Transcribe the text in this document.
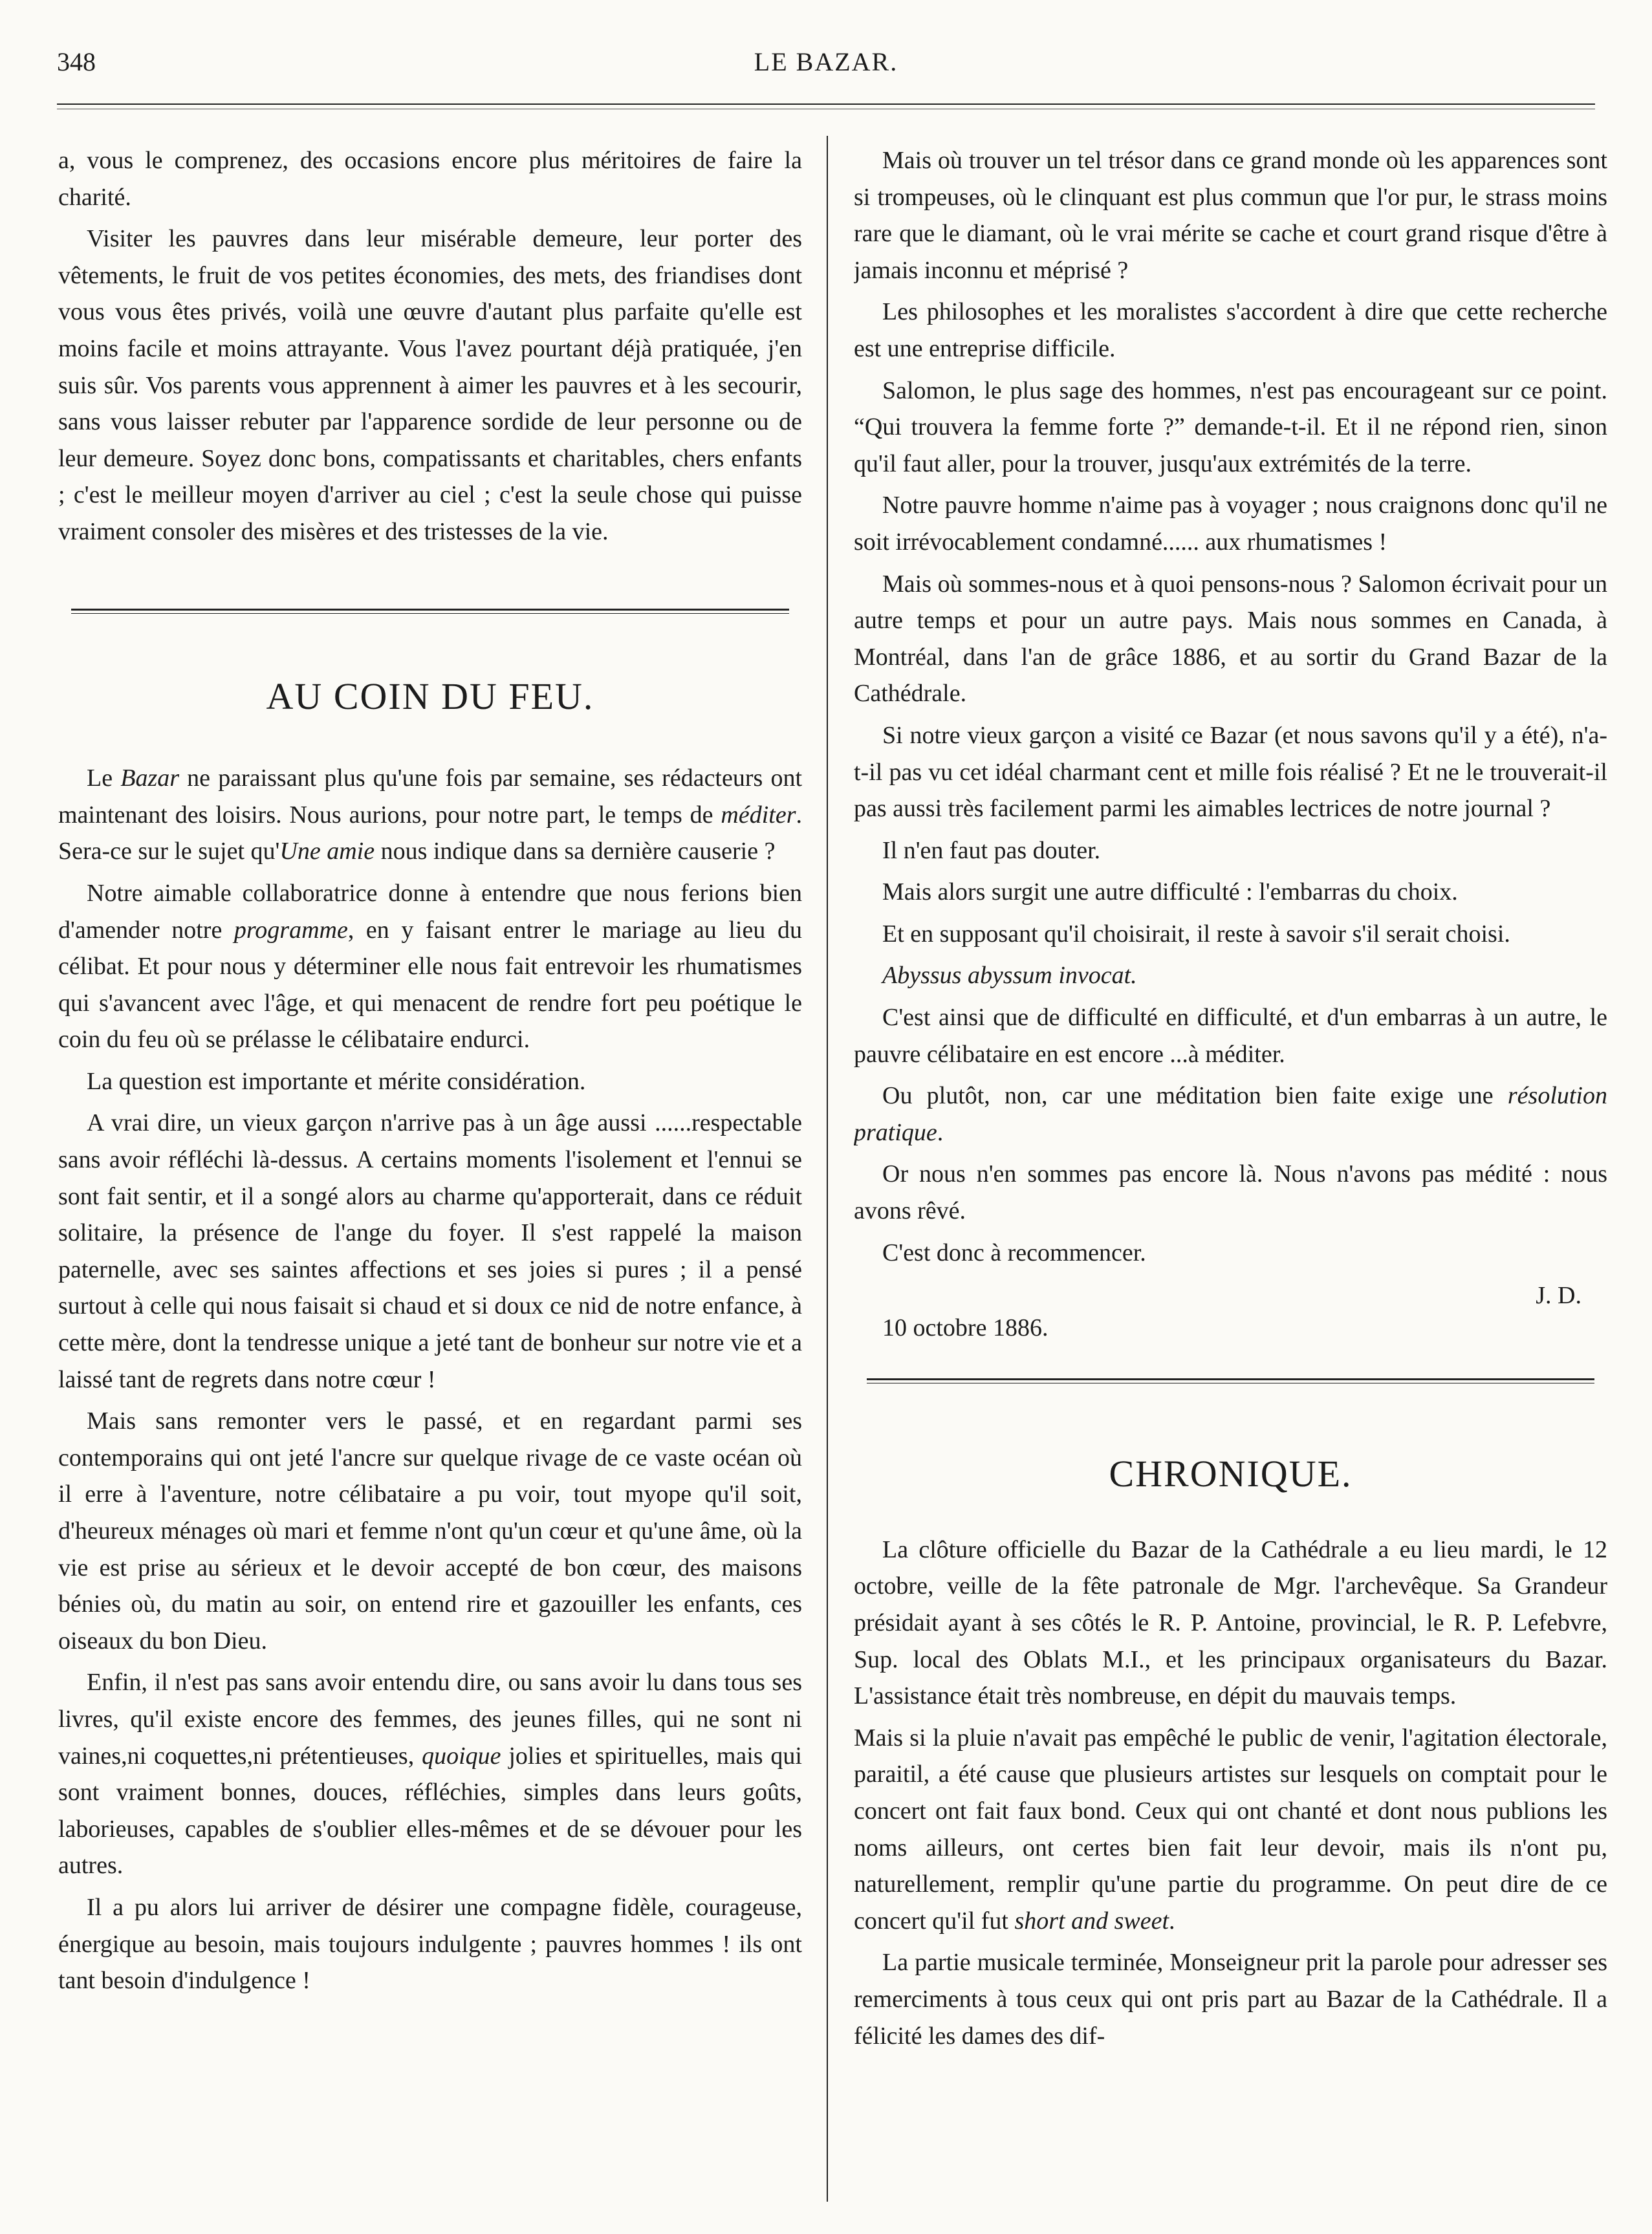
348	LE BAZAR.

a, vous le comprenez, des occasions encore plus méritoires de faire la charité.

Visiter les pauvres dans leur misérable demeure, leur porter des vêtements, le fruit de vos petites économies, des mets, des friandises dont vous vous êtes privés, voilà une œuvre d'autant plus parfaite qu'elle est moins facile et moins attrayante. Vous l'avez pourtant déjà pratiquée, j'en suis sûr. Vos parents vous apprennent à aimer les pauvres et à les secourir, sans vous laisser rebuter par l'apparence sordide de leur personne ou de leur demeure. Soyez donc bons, compatissants et charitables, chers enfants ; c'est le meilleur moyen d'arriver au ciel ; c'est la seule chose qui puisse vraiment consoler des misères et des tristesses de la vie.

AU COIN DU FEU.

Le Bazar ne paraissant plus qu'une fois par semaine, ses rédacteurs ont maintenant des loisirs. Nous aurions, pour notre part, le temps de méditer. Sera-ce sur le sujet qu'Une amie nous indique dans sa dernière causerie ?

Notre aimable collaboratrice donne à entendre que nous ferions bien d'amender notre programme, en y faisant entrer le mariage au lieu du célibat. Et pour nous y déterminer elle nous fait entrevoir les rhumatismes qui s'avancent avec l'âge, et qui menacent de rendre fort peu poétique le coin du feu où se prélasse le célibataire endurci.

La question est importante et mérite considération.

A vrai dire, un vieux garçon n'arrive pas à un âge aussi ......respectable sans avoir réfléchi là-dessus. A certains moments l'isolement et l'ennui se sont fait sentir, et il a songé alors au charme qu'apporterait, dans ce réduit solitaire, la présence de l'ange du foyer. Il s'est rappelé la maison paternelle, avec ses saintes affections et ses joies si pures ; il a pensé surtout à celle qui nous faisait si chaud et si doux ce nid de notre enfance, à cette mère, dont la tendresse unique a jeté tant de bonheur sur notre vie et a laissé tant de regrets dans notre cœur !

Mais sans remonter vers le passé, et en regardant parmi ses contemporains qui ont jeté l'ancre sur quelque rivage de ce vaste océan où il erre à l'aventure, notre célibataire a pu voir, tout myope qu'il soit, d'heureux ménages où mari et femme n'ont qu'un cœur et qu'une âme, où la vie est prise au sérieux et le devoir accepté de bon cœur, des maisons bénies où, du matin au soir, on entend rire et gazouiller les enfants, ces oiseaux du bon Dieu.

Enfin, il n'est pas sans avoir entendu dire, ou sans avoir lu dans tous ses livres, qu'il existe encore des femmes, des jeunes filles, qui ne sont ni vaines,ni coquettes,ni prétentieuses, quoique jolies et spirituelles, mais qui sont vraiment bonnes, douces, réfléchies, simples dans leurs goûts, laborieuses, capables de s'oublier elles-mêmes et de se dévouer pour les autres.

Il a pu alors lui arriver de désirer une compagne fidèle, courageuse, énergique au besoin, mais toujours indulgente ; pauvres hommes ! ils ont tant besoin d'indulgence !

Mais où trouver un tel trésor dans ce grand monde où les apparences sont si trompeuses, où le clinquant est plus commun que l'or pur, le strass moins rare que le diamant, où le vrai mérite se cache et court grand risque d'être à jamais inconnu et méprisé ?

Les philosophes et les moralistes s'accordent à dire que cette recherche est une entreprise difficile.

Salomon, le plus sage des hommes, n'est pas encourageant sur ce point. “Qui trouvera la femme forte ?” demande-t-il. Et il ne répond rien, sinon qu'il faut aller, pour la trouver, jusqu'aux extrémités de la terre.

Notre pauvre homme n'aime pas à voyager ; nous craignons donc qu'il ne soit irrévocablement condamné...... aux rhumatismes !

Mais où sommes-nous et à quoi pensons-nous ? Salomon écrivait pour un autre temps et pour un autre pays. Mais nous sommes en Canada, à Montréal, dans l'an de grâce 1886, et au sortir du Grand Bazar de la Cathédrale.

Si notre vieux garçon a visité ce Bazar (et nous savons qu'il y a été), n'a-t-il pas vu cet idéal charmant cent et mille fois réalisé ? Et ne le trouverait-il pas aussi très facilement parmi les aimables lectrices de notre journal ?

Il n'en faut pas douter.

Mais alors surgit une autre difficulté : l'embarras du choix.

Et en supposant qu'il choisirait, il reste à savoir s'il serait choisi.

Abyssus abyssum invocat.

C'est ainsi que de difficulté en difficulté, et d'un embarras à un autre, le pauvre célibataire en est encore ...à méditer.

Ou plutôt, non, car une méditation bien faite exige une résolution pratique.

Or nous n'en sommes pas encore là. Nous n'avons pas médité : nous avons rêvé.

C'est donc à recommencer.

J. D.
10 octobre 1886.
CHRONIQUE.

La clôture officielle du Bazar de la Cathédrale a eu lieu mardi, le 12 octobre, veille de la fête patronale de Mgr. l'archevêque. Sa Grandeur présidait ayant à ses côtés le R. P. Antoine, provincial, le R. P. Lefebvre, Sup. local des Oblats M.I., et les principaux organisateurs du Bazar. L'assistance était très nombreuse, en dépit du mauvais temps.

Mais si la pluie n'avait pas empêché le public de venir, l'agitation électorale, paraitil, a été cause que plusieurs artistes sur lesquels on comptait pour le concert ont fait faux bond. Ceux qui ont chanté et dont nous publions les noms ailleurs, ont certes bien fait leur devoir, mais ils n'ont pu, naturellement, remplir qu'une partie du programme. On peut dire de ce concert qu'il fut short and sweet.

La partie musicale terminée, Monseigneur prit la parole pour adresser ses remerciments à tous ceux qui ont pris part au Bazar de la Cathédrale. Il a félicité les dames des dif-
